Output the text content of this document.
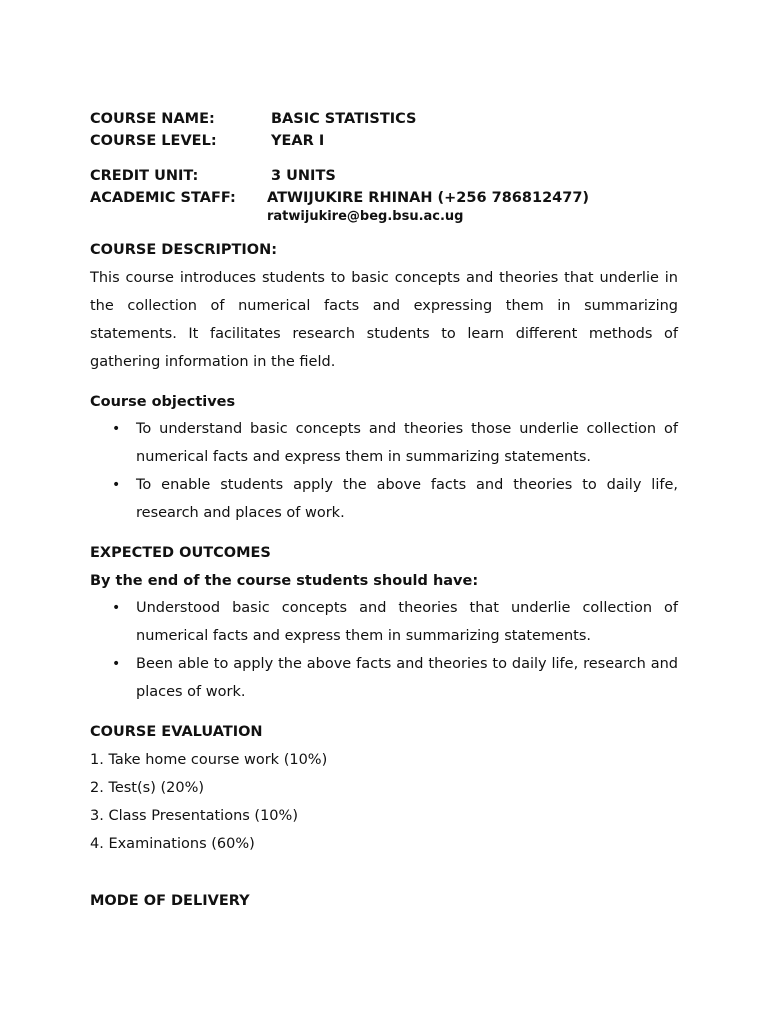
COURSE NAME:	BASIC STATISTICS
COURSE LEVEL:	YEAR I
CREDIT UNIT:	3 UNITS
ACADEMIC STAFF:	ATWIJUKIRE RHINAH (+256 786812477)
ratwijukire@beg.bsu.ac.ug
COURSE DESCRIPTION:
This course introduces students to basic concepts and theories that underlie in the collection of numerical facts and expressing them in summarizing statements. It facilitates research students to learn different methods of gathering information in the field.
Course objectives
• To understand basic concepts and theories those underlie collection of numerical facts and express them in summarizing statements.
• To enable students apply the above facts and theories to daily life, research and places of work.
EXPECTED OUTCOMES
By the end of the course students should have:
• Understood basic concepts and theories that underlie collection of numerical facts and express them in summarizing statements.
• Been able to apply the above facts and theories to daily life, research and places of work.
COURSE EVALUATION
1. Take home course work (10%)
2. Test(s) (20%)
3. Class Presentations (10%)
4. Examinations (60%)
MODE OF DELIVERY
